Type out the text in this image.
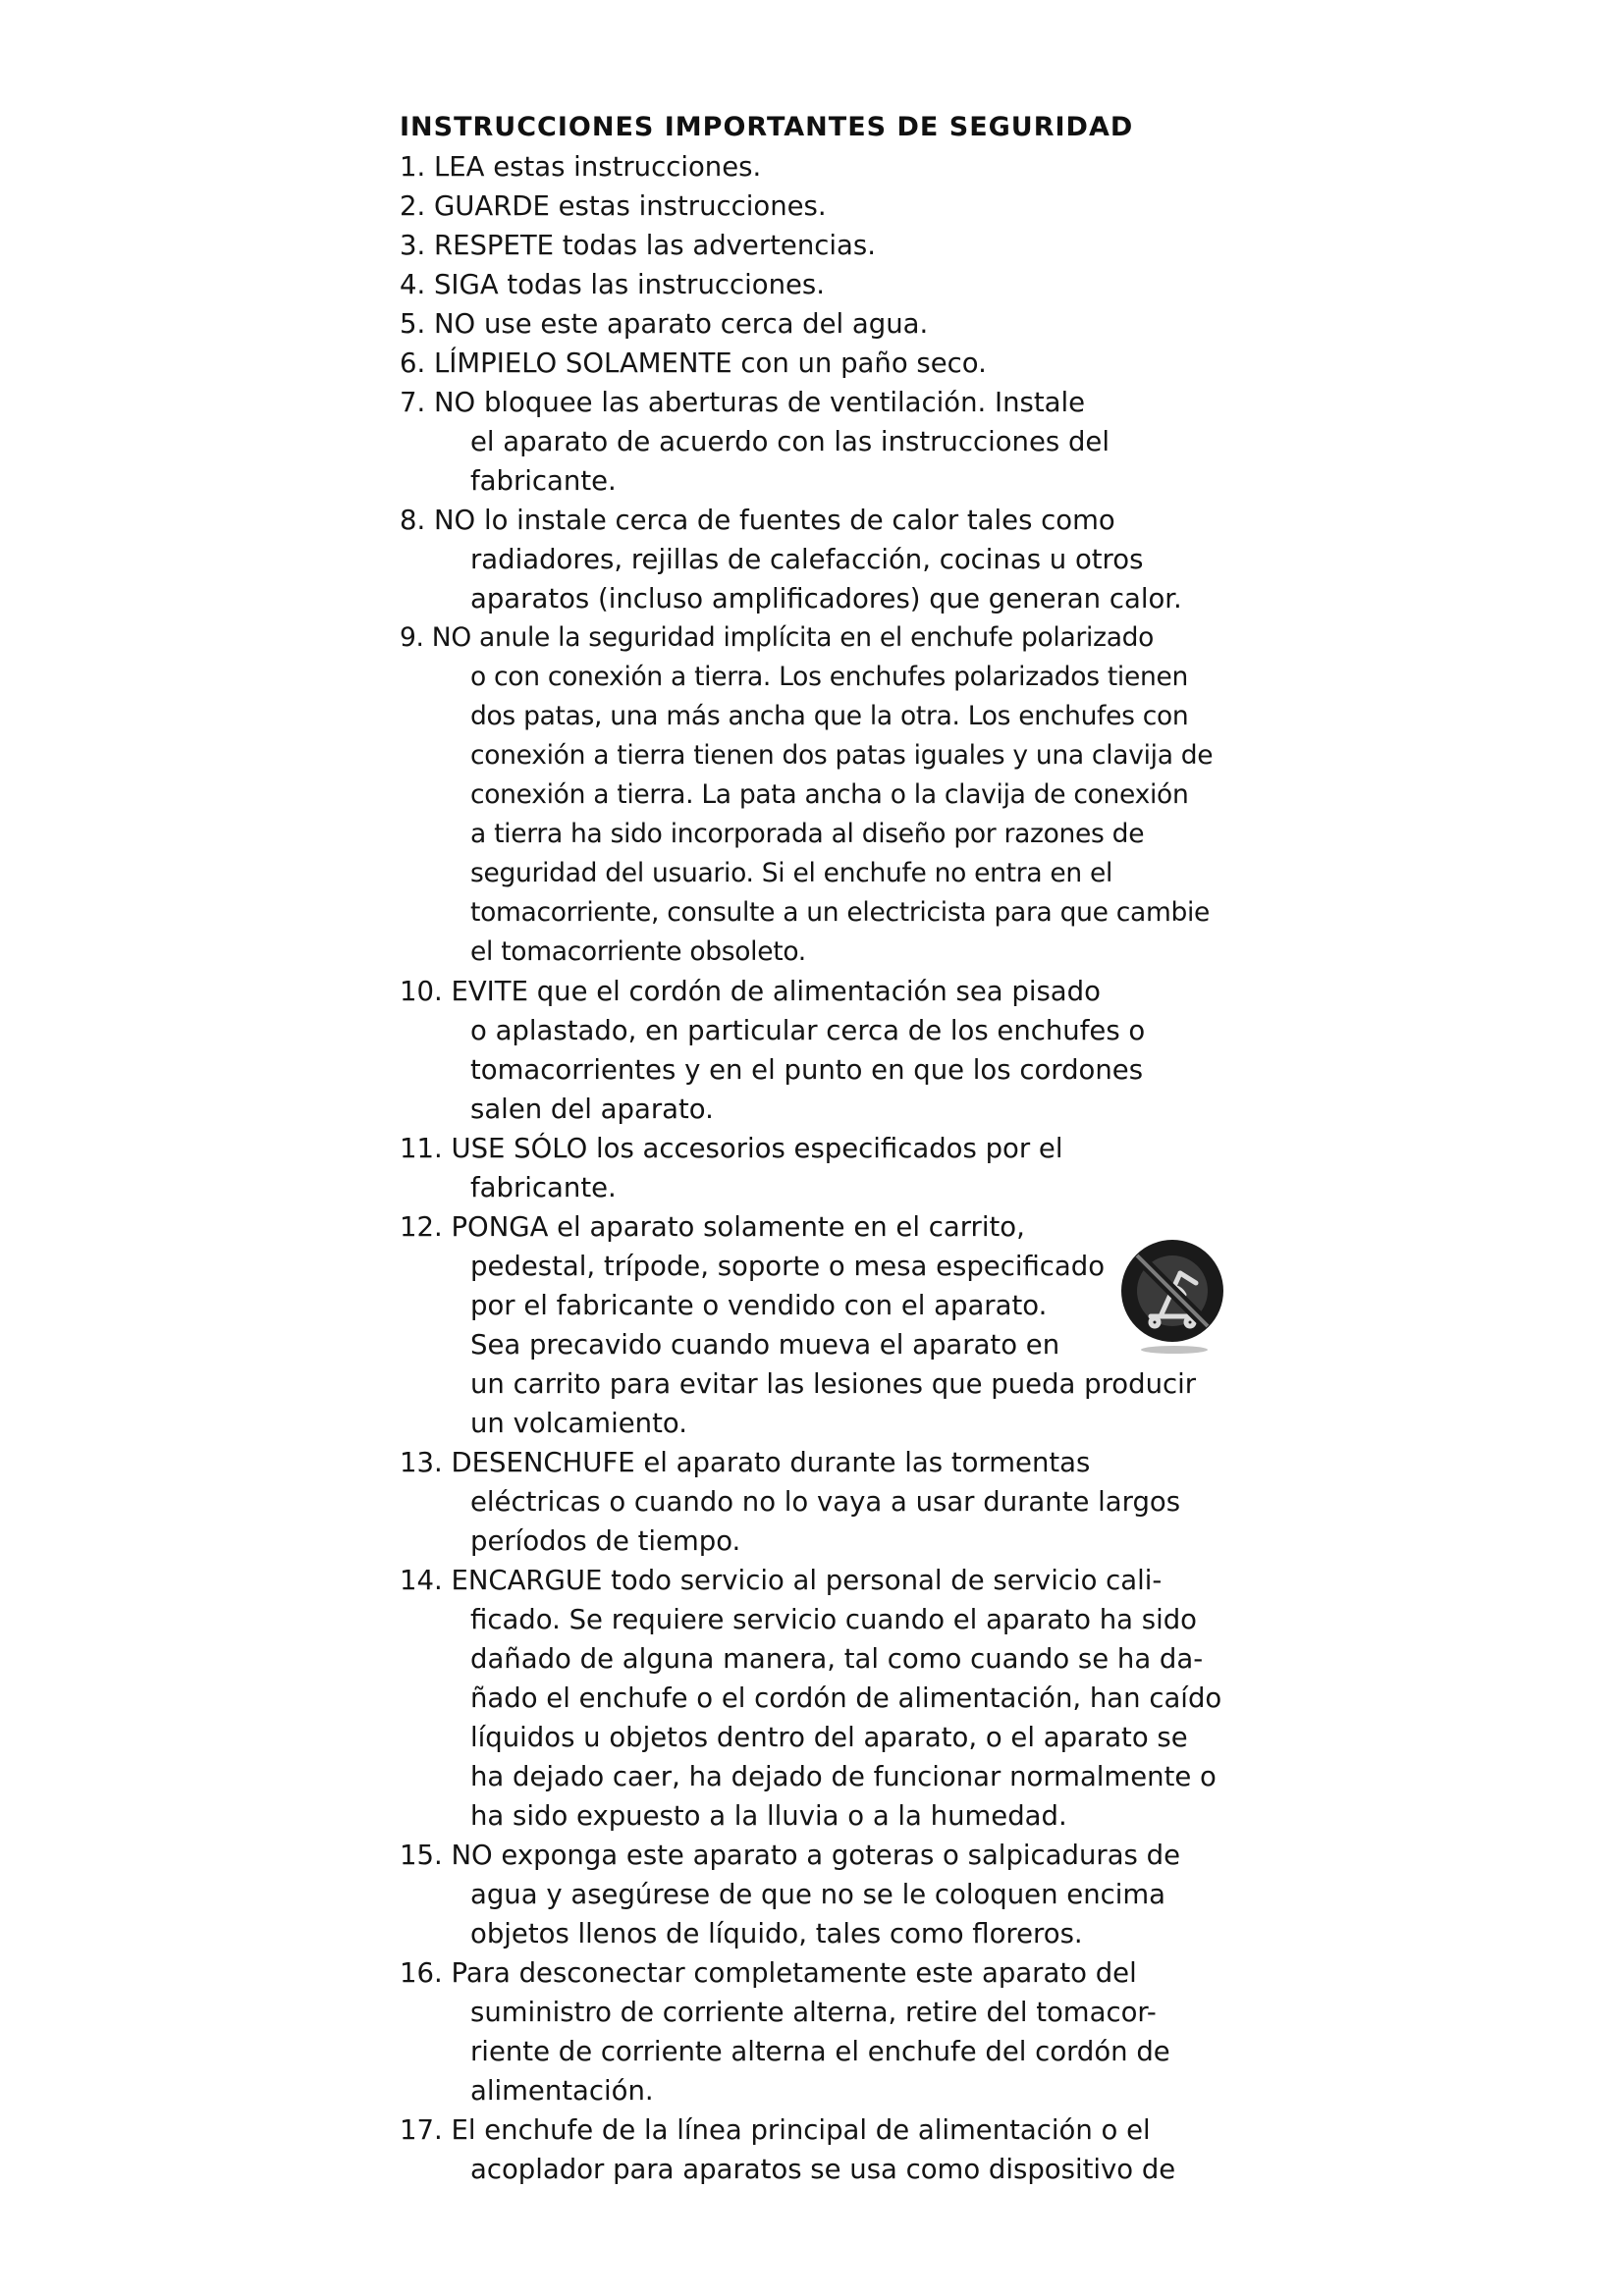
INSTRUCCIONES IMPORTANTES DE SEGURIDAD
1. LEA estas instrucciones.
2. GUARDE estas instrucciones.
3. RESPETE todas las advertencias.
4. SIGA todas las instrucciones.
5. NO use este aparato cerca del agua.
6. LÍMPIELO SOLAMENTE con un paño seco.
7. NO bloquee las aberturas de ventilación. Instale
el aparato de acuerdo con las instrucciones del
fabricante.
8. NO lo instale cerca de fuentes de calor tales como
radiadores, rejillas de calefacción, cocinas u otros
aparatos (incluso amplificadores) que generan calor.
9. NO anule la seguridad implícita en el enchufe polarizado
o con conexión a tierra. Los enchufes polarizados tienen
dos patas, una más ancha que la otra. Los enchufes con
conexión a tierra tienen dos patas iguales y una clavija de
conexión a tierra. La pata ancha o la clavija de conexión
a tierra ha sido incorporada al diseño por razones de
seguridad del usuario. Si el enchufe no entra en el
tomacorriente, consulte a un electricista para que cambie
el tomacorriente obsoleto.
10. EVITE que el cordón de alimentación sea pisado
o aplastado, en particular cerca de los enchufes o
tomacorrientes y en el punto en que los cordones
salen del aparato.
11. USE SÓLO los accesorios especificados por el
fabricante.
12. PONGA el aparato solamente en el carrito,
pedestal, trípode, soporte o mesa especificado
por el fabricante o vendido con el aparato.
Sea precavido cuando mueva el aparato en
un carrito para evitar las lesiones que pueda producir
un volcamiento.
13. DESENCHUFE el aparato durante las tormentas
eléctricas o cuando no lo vaya a usar durante largos
períodos de tiempo.
14. ENCARGUE todo servicio al personal de servicio cali-
ficado. Se requiere servicio cuando el aparato ha sido
dañado de alguna manera, tal como cuando se ha da-
ñado el enchufe o el cordón de alimentación, han caído
líquidos u objetos dentro del aparato, o el aparato se
ha dejado caer, ha dejado de funcionar normalmente o
ha sido expuesto a la lluvia o a la humedad.
15. NO exponga este aparato a goteras o salpicaduras de
agua y asegúrese de que no se le coloquen encima
objetos llenos de líquido, tales como floreros.
16. Para desconectar completamente este aparato del
suministro de corriente alterna, retire del tomacor-
riente de corriente alterna el enchufe del cordón de
alimentación.
17. El enchufe de la línea principal de alimentación o el
acoplador para aparatos se usa como dispositivo de
